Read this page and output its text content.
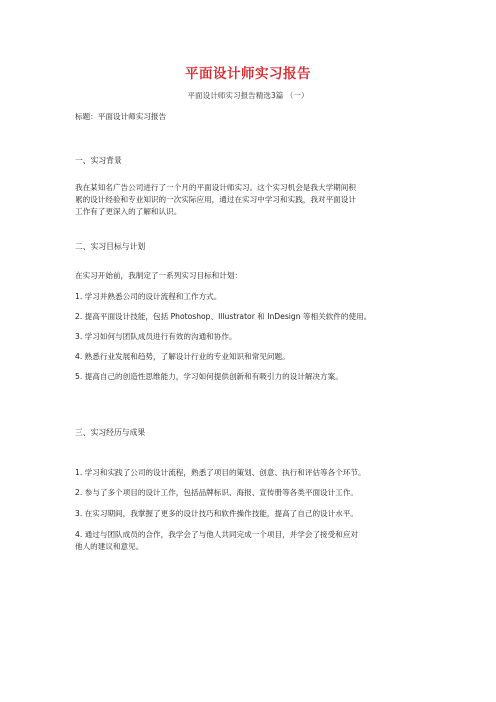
平面设计师实习报告
平面设计师实习报告精选3篇 （一）
标题：平面设计师实习报告
一、实习背景
我在某知名广告公司进行了一个月的平面设计师实习。这个实习机会是我大学期间积
累的设计经验和专业知识的一次实际应用，通过在实习中学习和实践，我对平面设计
工作有了更深入的了解和认识。
二、实习目标与计划
在实习开始前，我制定了一系列实习目标和计划：
1. 学习并熟悉公司的设计流程和工作方式。
2. 提高平面设计技能，包括 Photoshop、Illustrator 和 InDesign 等相关软件的使用。
3. 学习如何与团队成员进行有效的沟通和协作。
4. 熟悉行业发展和趋势，了解设计行业的专业知识和常见问题。
5. 提高自己的创造性思维能力，学习如何提供创新和有吸引力的设计解决方案。
三、实习经历与成果
1. 学习和实践了公司的设计流程，熟悉了项目的策划、创意、执行和评估等各个环节。
2. 参与了多个项目的设计工作，包括品牌标识、海报、宣传册等各类平面设计工作。
3. 在实习期间，我掌握了更多的设计技巧和软件操作技能，提高了自己的设计水平。
4. 通过与团队成员的合作，我学会了与他人共同完成一个项目，并学会了接受和应对
他人的建议和意见。
